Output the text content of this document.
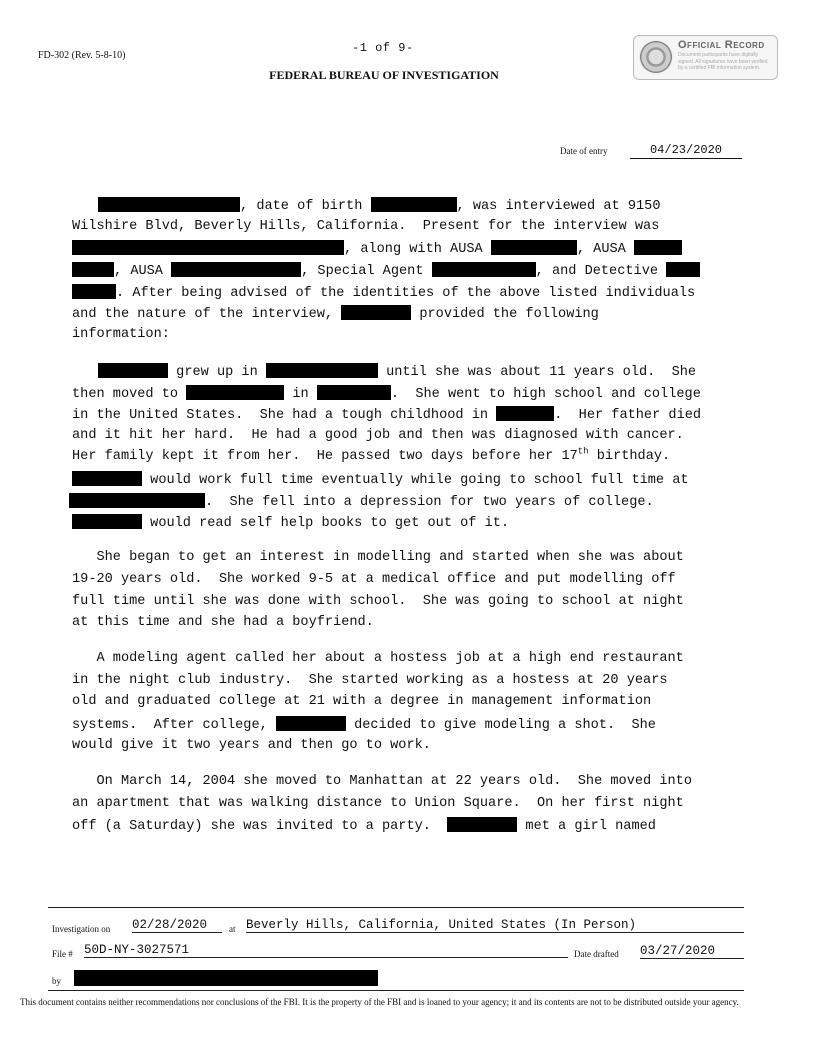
FD-302 (Rev. 5-8-10)
-1 of 9-
FEDERAL BUREAU OF INVESTIGATION
Official Record
Document participants have digitally signed. All signatures have been verified by a certified FBI information system.
Date of entry	04/23/2020
, date of birth	, was interviewed at 9150
Wilshire Blvd, Beverly Hills, California.  Present for the interview was
, along with AUSA	, AUSA
, AUSA	, Special Agent	, and Detective
. After being advised of the identities of the above listed individuals
and the nature of the interview,	provided the following
information:
grew up in	until she was about 11 years old.  She
then moved to	in	.  She went to high school and college
in the United States.  She had a tough childhood in	.  Her father died
and it hit her hard.  He had a good job and then was diagnosed with cancer.
Her family kept it from her.  He passed two days before her 17th birthday.
would work full time eventually while going to school full time at
.  She fell into a depression for two years of college.
would read self help books to get out of it.
She began to get an interest in modelling and started when she was about
19-20 years old.  She worked 9-5 at a medical office and put modelling off
full time until she was done with school.  She was going to school at night
at this time and she had a boyfriend.
A modeling agent called her about a hostess job at a high end restaurant
in the night club industry.  She started working as a hostess at 20 years
old and graduated college at 21 with a degree in management information
systems.  After college,	decided to give modeling a shot.  She
would give it two years and then go to work.
On March 14, 2004 she moved to Manhattan at 22 years old.  She moved into
an apartment that was walking distance to Union Square.  On her first night
off (a Saturday) she was invited to a party.	met a girl named
Investigation on 02/28/2020	at Beverly Hills, California, United States (In Person)
File # 50D-NY-3027571	Date drafted 03/27/2020
by
This document contains neither recommendations nor conclusions of the FBI. It is the property of the FBI and is loaned to your agency; it and its contents are not to be distributed outside your agency.
